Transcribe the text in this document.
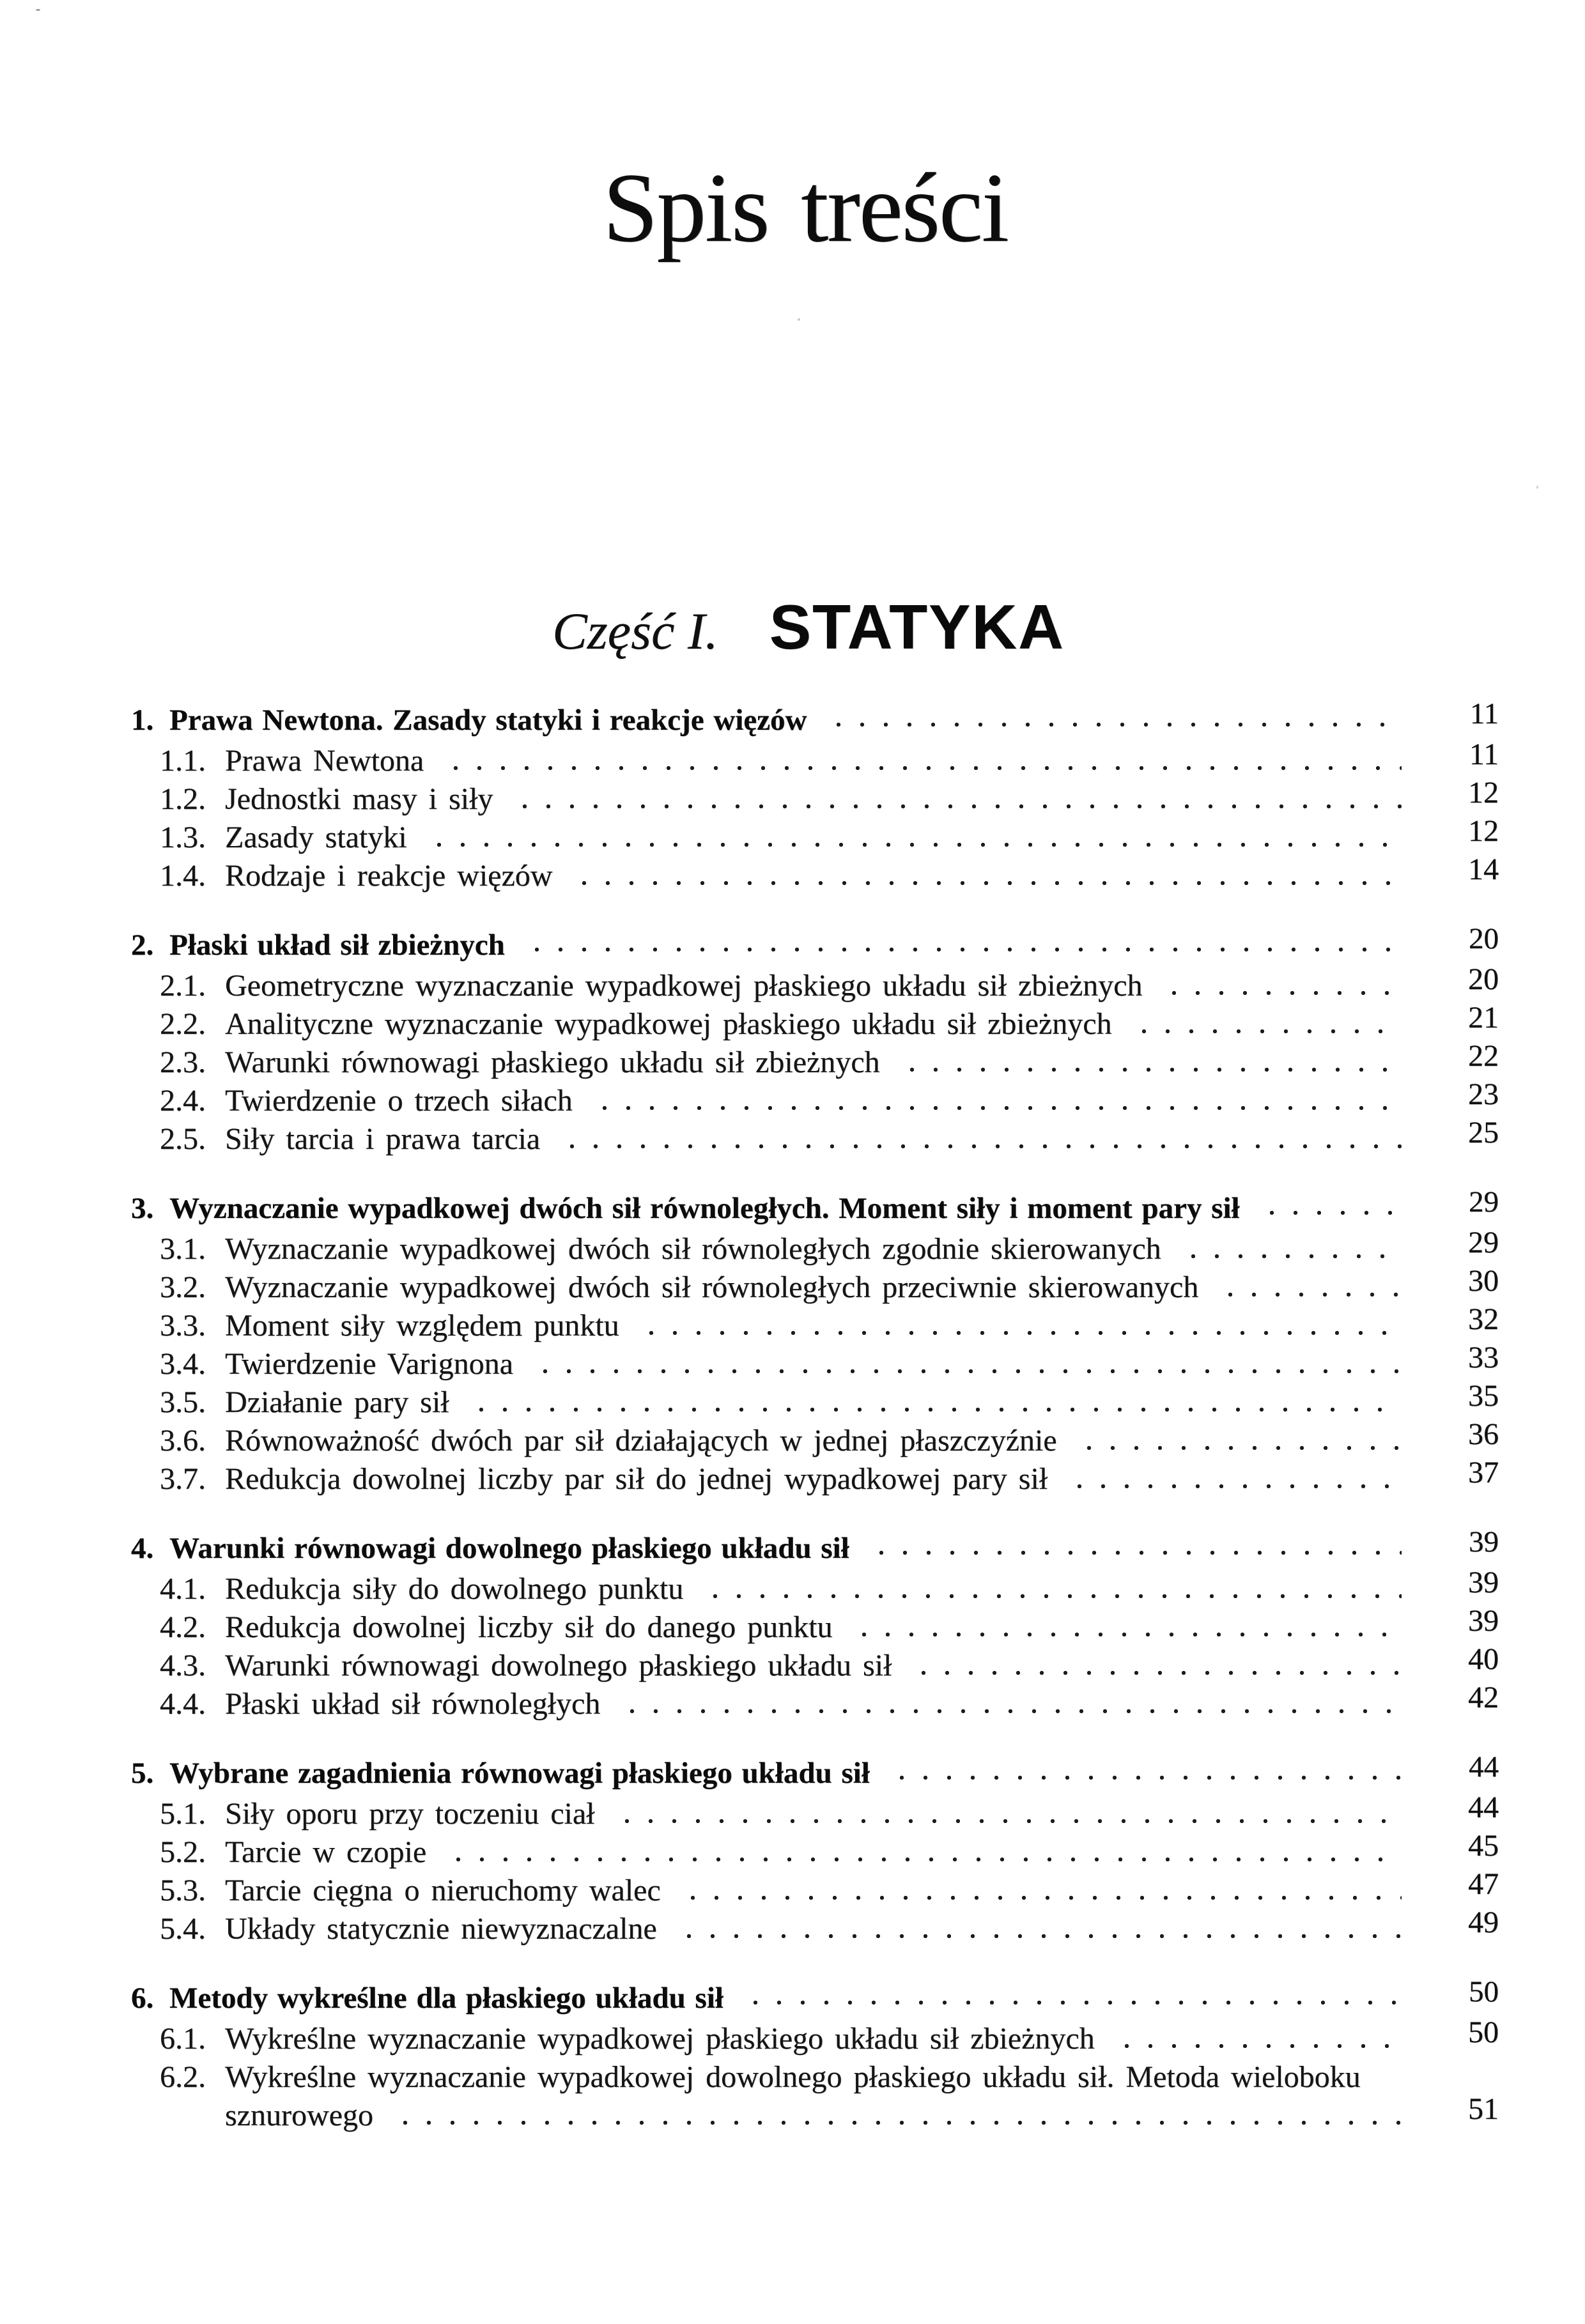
Spis treści
Część I. STATYKA
1. Prawa Newtona. Zasady statyki i reakcje więzów	11
1.1. Prawa Newtona	11
1.2. Jednostki masy i siły	12
1.3. Zasady statyki	12
1.4. Rodzaje i reakcje więzów	14
2. Płaski układ sił zbieżnych	20
2.1. Geometryczne wyznaczanie wypadkowej płaskiego układu sił zbieżnych	20
2.2. Analityczne wyznaczanie wypadkowej płaskiego układu sił zbieżnych	21
2.3. Warunki równowagi płaskiego układu sił zbieżnych	22
2.4. Twierdzenie o trzech siłach	23
2.5. Siły tarcia i prawa tarcia	25
3. Wyznaczanie wypadkowej dwóch sił równoległych. Moment siły i moment pary sił	29
3.1. Wyznaczanie wypadkowej dwóch sił równoległych zgodnie skierowanych	29
3.2. Wyznaczanie wypadkowej dwóch sił równoległych przeciwnie skierowanych	30
3.3. Moment siły względem punktu	32
3.4. Twierdzenie Varignona	33
3.5. Działanie pary sił	35
3.6. Równoważność dwóch par sił działających w jednej płaszczyźnie	36
3.7. Redukcja dowolnej liczby par sił do jednej wypadkowej pary sił	37
4. Warunki równowagi dowolnego płaskiego układu sił	39
4.1. Redukcja siły do dowolnego punktu	39
4.2. Redukcja dowolnej liczby sił do danego punktu	39
4.3. Warunki równowagi dowolnego płaskiego układu sił	40
4.4. Płaski układ sił równoległych	42
5. Wybrane zagadnienia równowagi płaskiego układu sił	44
5.1. Siły oporu przy toczeniu ciał	44
5.2. Tarcie w czopie	45
5.3. Tarcie cięgna o nieruchomy walec	47
5.4. Układy statycznie niewyznaczalne	49
6. Metody wykreślne dla płaskiego układu sił	50
6.1. Wykreślne wyznaczanie wypadkowej płaskiego układu sił zbieżnych	50
6.2. Wykreślne wyznaczanie wypadkowej dowolnego płaskiego układu sił. Metoda wieloboku
sznurowego	51
